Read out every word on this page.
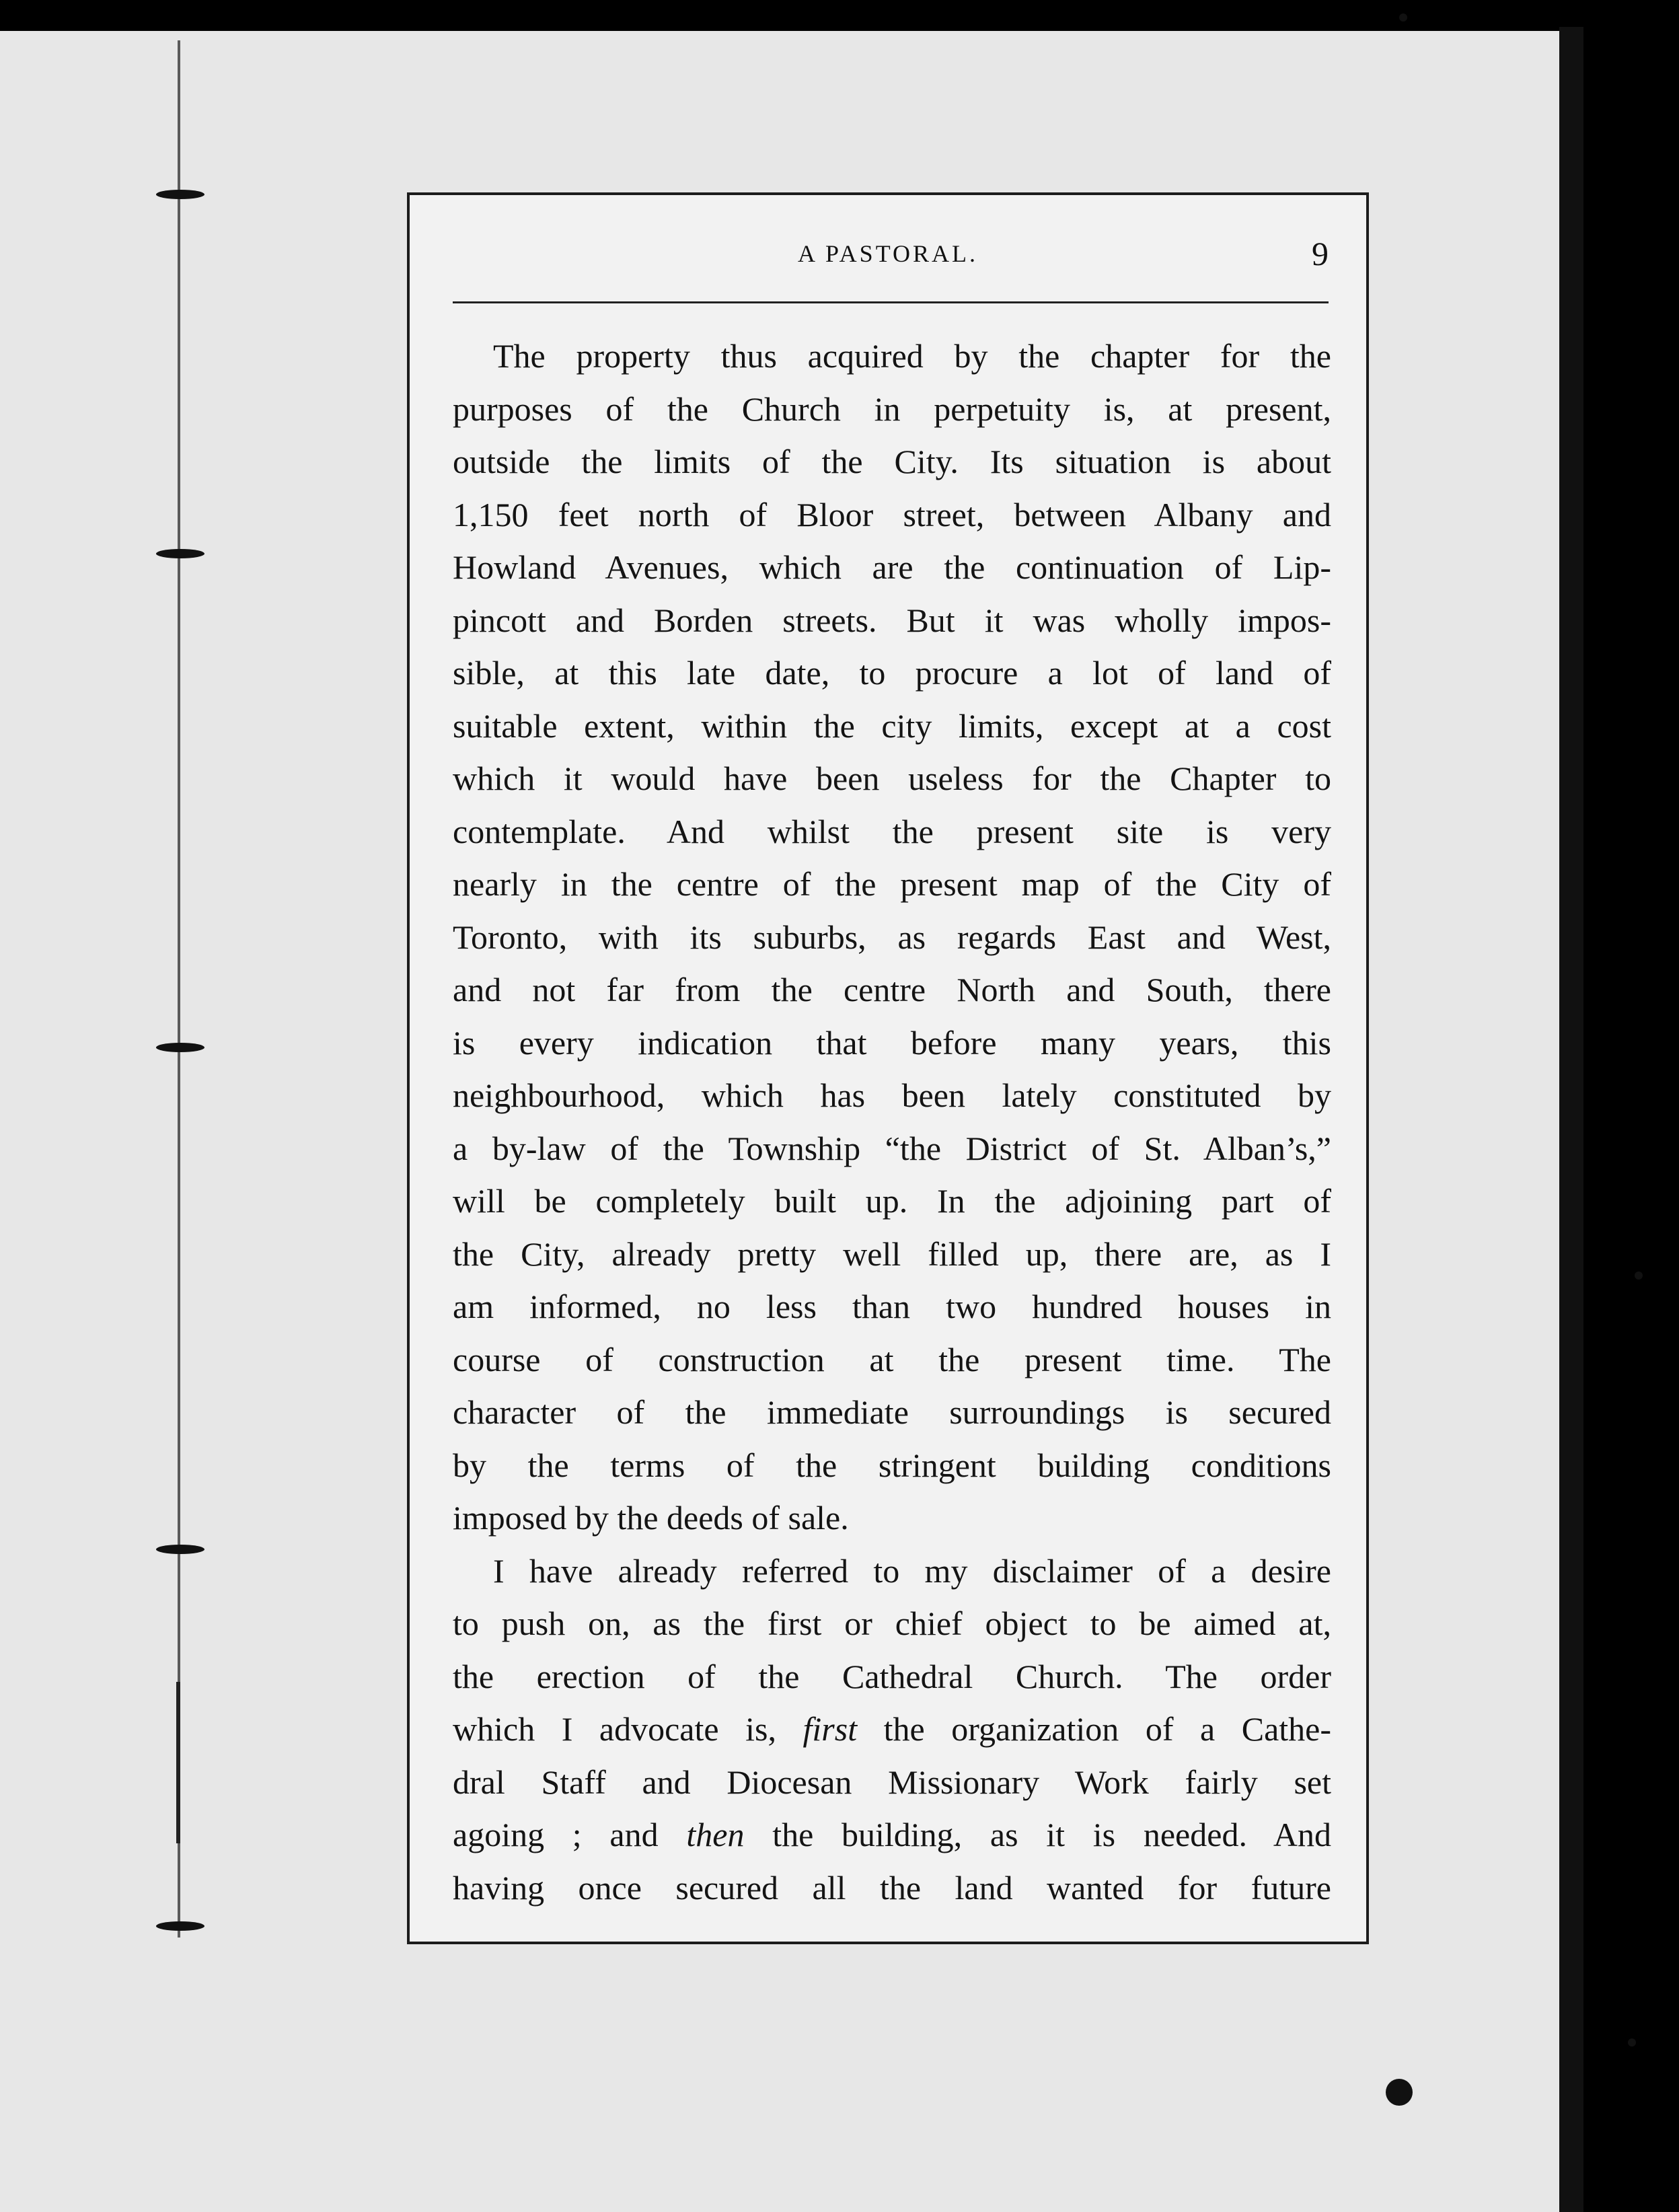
A PASTORAL.	9
The property thus acquired by the chapter for the
purposes of the Church in perpetuity is, at present,
outside the limits of the City. Its situation is about
1,150 feet north of Bloor street, between Albany and
Howland Avenues, which are the continuation of Lip-
pincott and Borden streets. But it was wholly impos-
sible, at this late date, to procure a lot of land of
suitable extent, within the city limits, except at a cost
which it would have been useless for the Chapter to
contemplate. And whilst the present site is very
nearly in the centre of the present map of the City of
Toronto, with its suburbs, as regards East and West,
and not far from the centre North and South, there
is every indication that before many years, this
neighbourhood, which has been lately constituted by
a by-law of the Township “the District of St. Alban’s,”
will be completely built up. In the adjoining part of
the City, already pretty well filled up, there are, as I
am informed, no less than two hundred houses in
course of construction at the present time. The
character of the immediate surroundings is secured
by the terms of the stringent building conditions
imposed by the deeds of sale.
I have already referred to my disclaimer of a desire
to push on, as the first or chief object to be aimed at,
the erection of the Cathedral Church. The order
which I advocate is, first the organization of a Cathe-
dral Staff and Diocesan Missionary Work fairly set
agoing ; and then the building, as it is needed. And
having once secured all the land wanted for future
